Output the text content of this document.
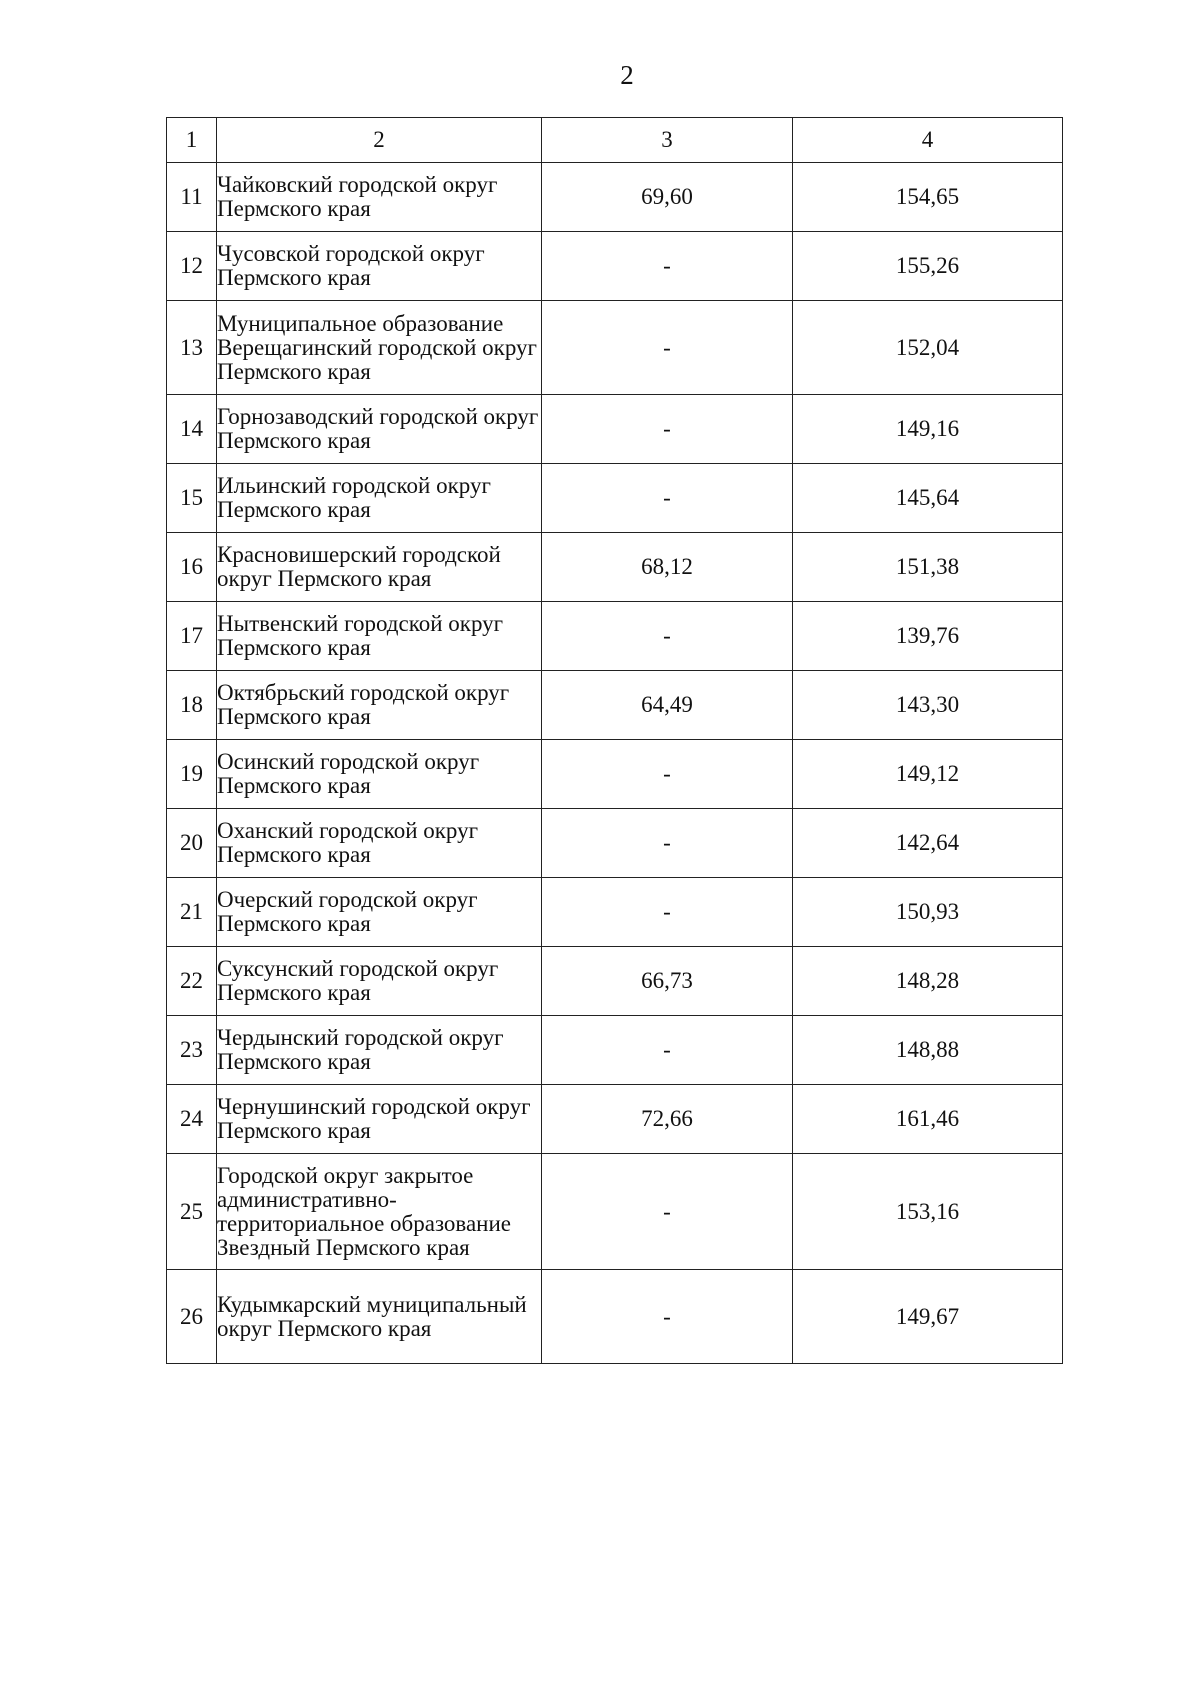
2
1	2	3	4
11	Чайковский городской округ Пермского края	69,60	154,65
12	Чусовской городской округ Пермского края	-	155,26
13	Муниципальное образование Верещагинский городской округ Пермского края	-	152,04
14	Горнозаводский городской округ Пермского края	-	149,16
15	Ильинский городской округ Пермского края	-	145,64
16	Красновишерский городской округ Пермского края	68,12	151,38
17	Нытвенский городской округ Пермского края	-	139,76
18	Октябрьский городской округ Пермского края	64,49	143,30
19	Осинский городской округ Пермского края	-	149,12
20	Оханский городской округ Пермского края	-	142,64
21	Очерский городской округ Пермского края	-	150,93
22	Суксунский городской округ Пермского края	66,73	148,28
23	Чердынский городской округ Пермского края	-	148,88
24	Чернушинский городской округ Пермского края	72,66	161,46
25	Городской округ закрытое административно-территориальное образование Звездный Пермского края	-	153,16
26	Кудымкарский муниципальный округ Пермского края	-	149,67
